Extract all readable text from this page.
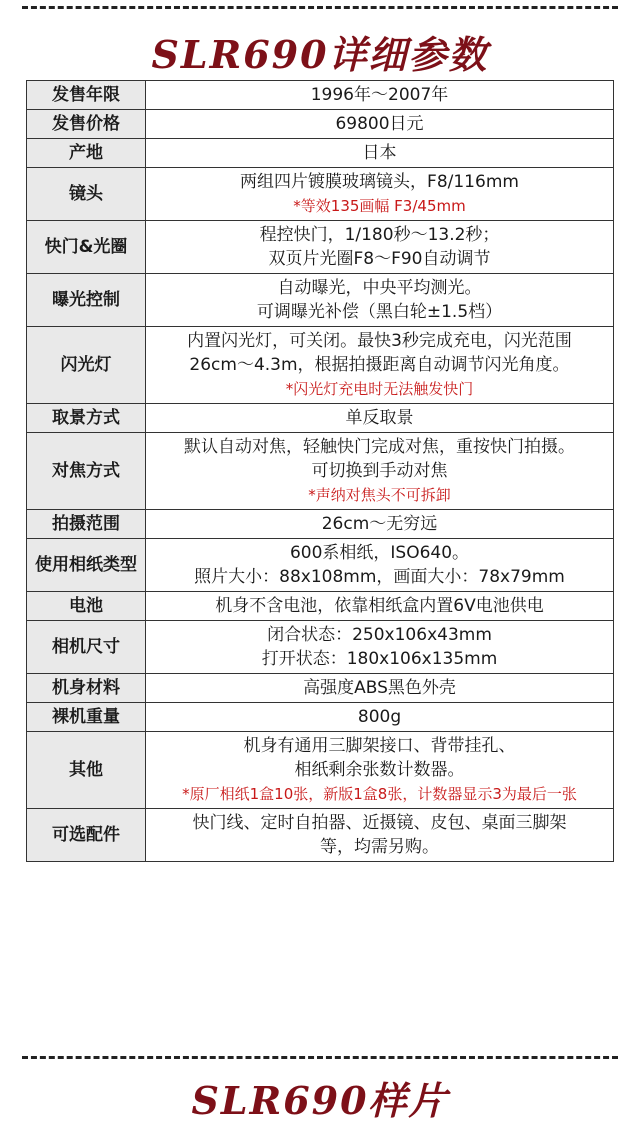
SLR690详细参数
发售年限	1996年～2007年

发售价格	69800日元

产地	日本

镜头	两组四片镀膜玻璃镜头，F8/116mm
*等效135画幅 F3/45mm

快门&光圈	程控快门，1/180秒～13.2秒；
双页片光圈F8～F90自动调节

曝光控制	自动曝光，中央平均测光。
可调曝光补偿（黑白轮±1.5档）

闪光灯	内置闪光灯，可关闭。最快3秒完成充电，闪光范围
26cm～4.3m，根据拍摄距离自动调节闪光角度。
*闪光灯充电时无法触发快门

取景方式	单反取景

对焦方式	默认自动对焦，轻触快门完成对焦，重按快门拍摄。
可切换到手动对焦
*声纳对焦头不可拆卸

拍摄范围	26cm～无穷远

使用相纸类型	600系相纸，ISO640。
照片大小：88x108mm，画面大小：78x79mm

电池	机身不含电池，依靠相纸盒内置6V电池供电

相机尺寸	闭合状态：250x106x43mm
打开状态：180x106x135mm

机身材料	高强度ABS黑色外壳

裸机重量	800g

其他	机身有通用三脚架接口、背带挂孔、
相纸剩余张数计数器。
*原厂相纸1盒10张，新版1盒8张，计数器显示3为最后一张

可选配件	快门线、定时自拍器、近摄镜、皮包、桌面三脚架
等，均需另购。
SLR690样片
